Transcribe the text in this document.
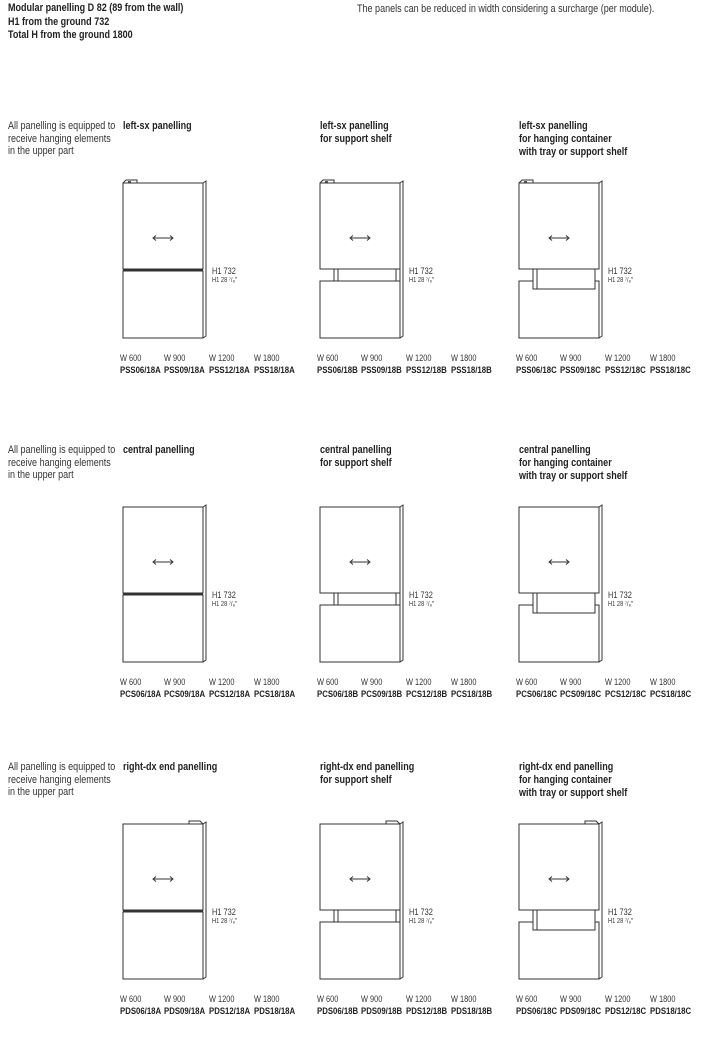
Modular panelling D 82 (89 from the wall)
H1 from the ground 732
Total H from the ground 1800
The panels can be reduced in width considering a surcharge (per module).
All panelling is equipped to
receive hanging elements
in the upper part
left-sx panelling
H1 732
H1 28 ⁷/₈″
W 600
PSS06/18A
W 900
PSS09/18A
W 1200
PSS12/18A
W 1800
PSS18/18A
left-sx panelling
for support shelf
H1 732
H1 28 ⁷/₈″
W 600
PSS06/18B
W 900
PSS09/18B
W 1200
PSS12/18B
W 1800
PSS18/18B
left-sx panelling
for hanging container
with tray or support shelf
H1 732
H1 28 ⁷/₈″
W 600
PSS06/18C
W 900
PSS09/18C
W 1200
PSS12/18C
W 1800
PSS18/18C
All panelling is equipped to
receive hanging elements
in the upper part
central panelling
H1 732
H1 28 ⁷/₈″
W 600
PCS06/18A
W 900
PCS09/18A
W 1200
PCS12/18A
W 1800
PCS18/18A
central panelling
for support shelf
H1 732
H1 28 ⁷/₈″
W 600
PCS06/18B
W 900
PCS09/18B
W 1200
PCS12/18B
W 1800
PCS18/18B
central panelling
for hanging container
with tray or support shelf
H1 732
H1 28 ⁷/₈″
W 600
PCS06/18C
W 900
PCS09/18C
W 1200
PCS12/18C
W 1800
PCS18/18C
All panelling is equipped to
receive hanging elements
in the upper part
right-dx end panelling
H1 732
H1 28 ⁷/₈″
W 600
PDS06/18A
W 900
PDS09/18A
W 1200
PDS12/18A
W 1800
PDS18/18A
right-dx end panelling
for support shelf
H1 732
H1 28 ⁷/₈″
W 600
PDS06/18B
W 900
PDS09/18B
W 1200
PDS12/18B
W 1800
PDS18/18B
right-dx end panelling
for hanging container
with tray or support shelf
H1 732
H1 28 ⁷/₈″
W 600
PDS06/18C
W 900
PDS09/18C
W 1200
PDS12/18C
W 1800
PDS18/18C
